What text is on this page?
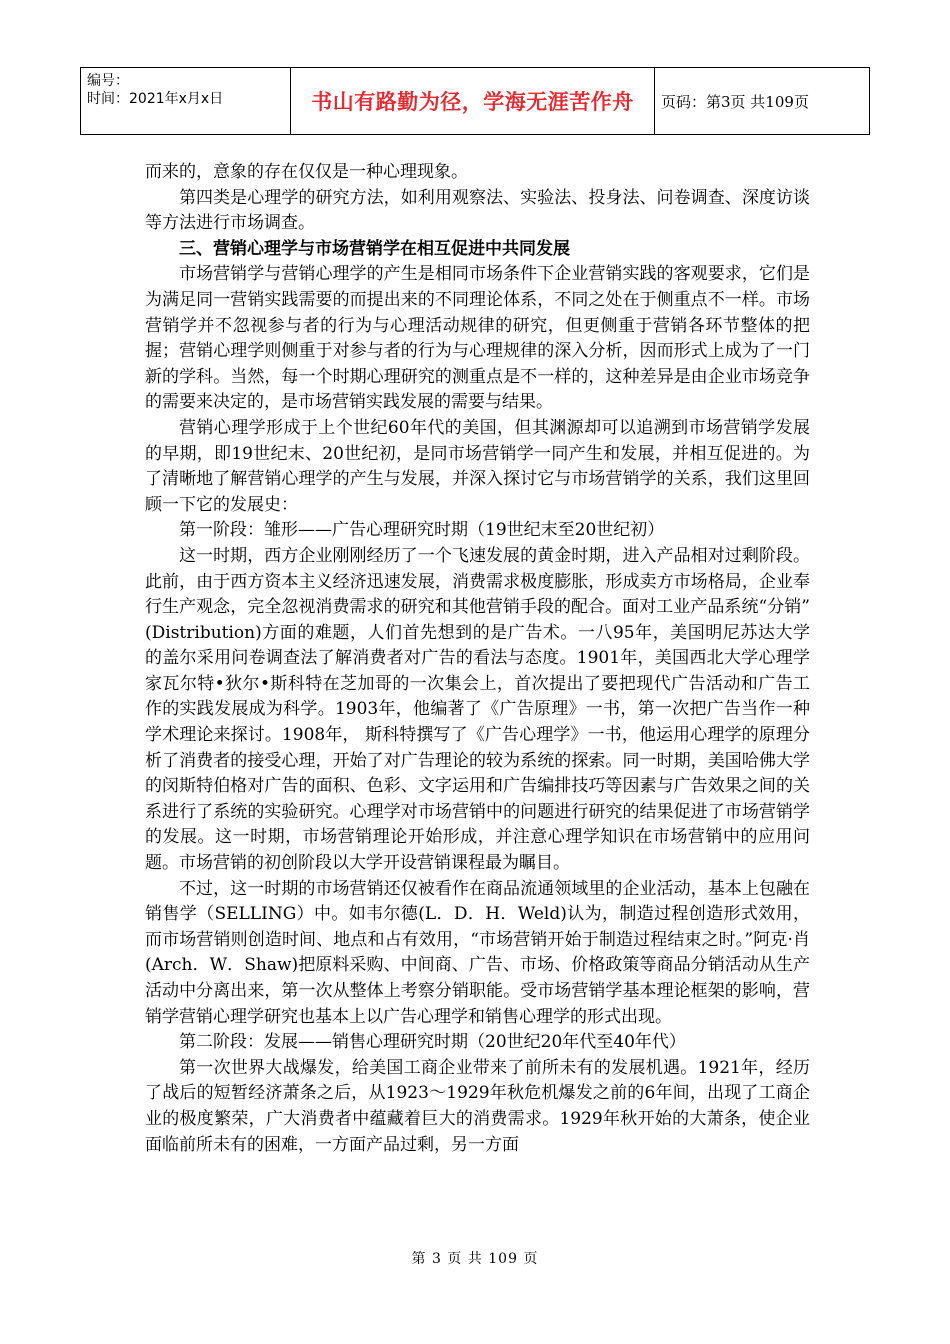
编号：
时间：2021年x月x日	书山有路勤为径，学海无涯苦作舟	页码：第3页 共109页

而来的，意象的存在仅仅是一种心理现象。

第四类是心理学的研究方法，如利用观察法、实验法、投身法、问卷调查、深度访谈等方法进行市场调查。

三、营销心理学与市场营销学在相互促进中共同发展

市场营销学与营销心理学的产生是相同市场条件下企业营销实践的客观要求，它们是为满足同一营销实践需要的而提出来的不同理论体系，不同之处在于侧重点不一样。市场营销学并不忽视参与者的行为与心理活动规律的研究，但更侧重于营销各环节整体的把握；营销心理学则侧重于对参与者的行为与心理规律的深入分析，因而形式上成为了一门新的学科。当然，每一个时期心理研究的测重点是不一样的，这种差异是由企业市场竞争的需要来决定的，是市场营销实践发展的需要与结果。

营销心理学形成于上个世纪60年代的美国，但其渊源却可以追溯到市场营销学发展的早期，即19世纪末、20世纪初，是同市场营销学一同产生和发展，并相互促进的。为了清晰地了解营销心理学的产生与发展，并深入探讨它与市场营销学的关系，我们这里回顾一下它的发展史：

第一阶段：雏形——广告心理研究时期（19世纪末至20世纪初）

这一时期，西方企业刚刚经历了一个飞速发展的黄金时期，进入产品相对过剩阶段。此前，由于西方资本主义经济迅速发展，消费需求极度膨胀，形成卖方市场格局，企业奉行生产观念，完全忽视消费需求的研究和其他营销手段的配合。面对工业产品系统“分销” (Distribution)方面的难题，人们首先想到的是广告术。一八95年，美国明尼苏达大学的盖尔采用问卷调查法了解消费者对广告的看法与态度。1901年，美国西北大学心理学家瓦尔特•狄尔•斯科特在芝加哥的一次集会上，首次提出了要把现代广告活动和广告工作的实践发展成为科学。1903年，他编著了《广告原理》一书，第一次把广告当作一种学术理论来探讨。1908年， 斯科特撰写了《广告心理学》一书，他运用心理学的原理分析了消费者的接受心理，开始了对广告理论的较为系统的探索。同一时期，美国哈佛大学的闵斯特伯格对广告的面积、色彩、文字运用和广告编排技巧等因素与广告效果之间的关系进行了系统的实验研究。心理学对市场营销中的问题进行研究的结果促进了市场营销学的发展。这一时期，市场营销理论开始形成，并注意心理学知识在市场营销中的应用问题。市场营销的初创阶段以大学开设营销课程最为瞩目。

不过，这一时期的市场营销还仅被看作在商品流通领域里的企业活动，基本上包融在销售学（SELLING）中。如韦尔德(L．D．H．Weld)认为，制造过程创造形式效用，而市场营销则创造时间、地点和占有效用，“市场营销开始于制造过程结束之时。”阿克·肖(Arch．W．Shaw)把原料采购、中间商、广告、市场、价格政策等商品分销活动从生产活动中分离出来，第一次从整体上考察分销职能。受市场营销学基本理论框架的影响，营销学营销心理学研究也基本上以广告心理学和销售心理学的形式出现。

第二阶段：发展——销售心理研究时期（20世纪20年代至40年代）

第一次世界大战爆发，给美国工商企业带来了前所未有的发展机遇。1921年，经历了战后的短暂经济萧条之后，从1923～1929年秋危机爆发之前的6年间，出现了工商企业的极度繁荣，广大消费者中蕴藏着巨大的消费需求。1929年秋开始的大萧条，使企业面临前所未有的困难，一方面产品过剩，另一方面

第 3 页 共 109 页
